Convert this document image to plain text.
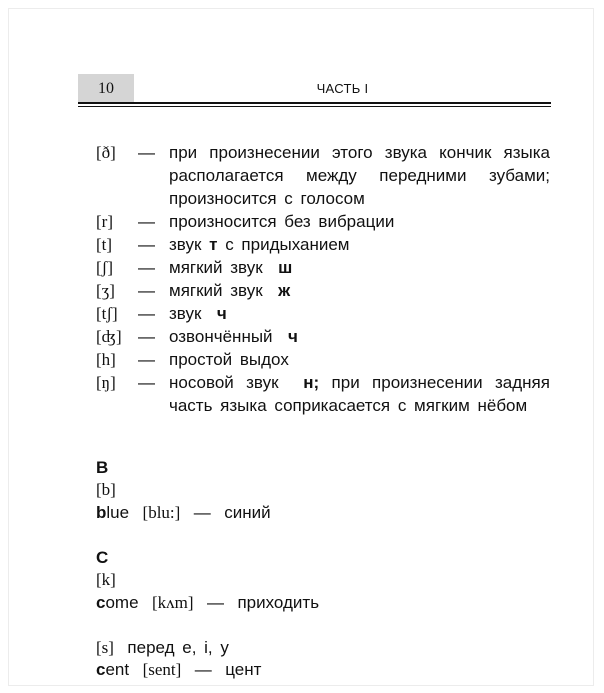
10	ЧАСТЬ I
[ð] — при произнесении этого звука кончик языка располагается между передними зубами; произносится с голосом
[r] — произносится без вибрации
[t] — звук т с придыханием
[ʃ] — мягкий звук ш
[ʒ] — мягкий звук ж
[tʃ] — звук ч
[ʤ] — озвончённый ч
[h] — простой выдох
[ŋ] — носовой звук н; при произнесении задняя часть языка соприкасается с мягким нёбом
B
[b]
blue [blu:] — синий
C
[k]
come [kʌm] — приходить
[s] перед e, i, y
cent [sent] — цент
